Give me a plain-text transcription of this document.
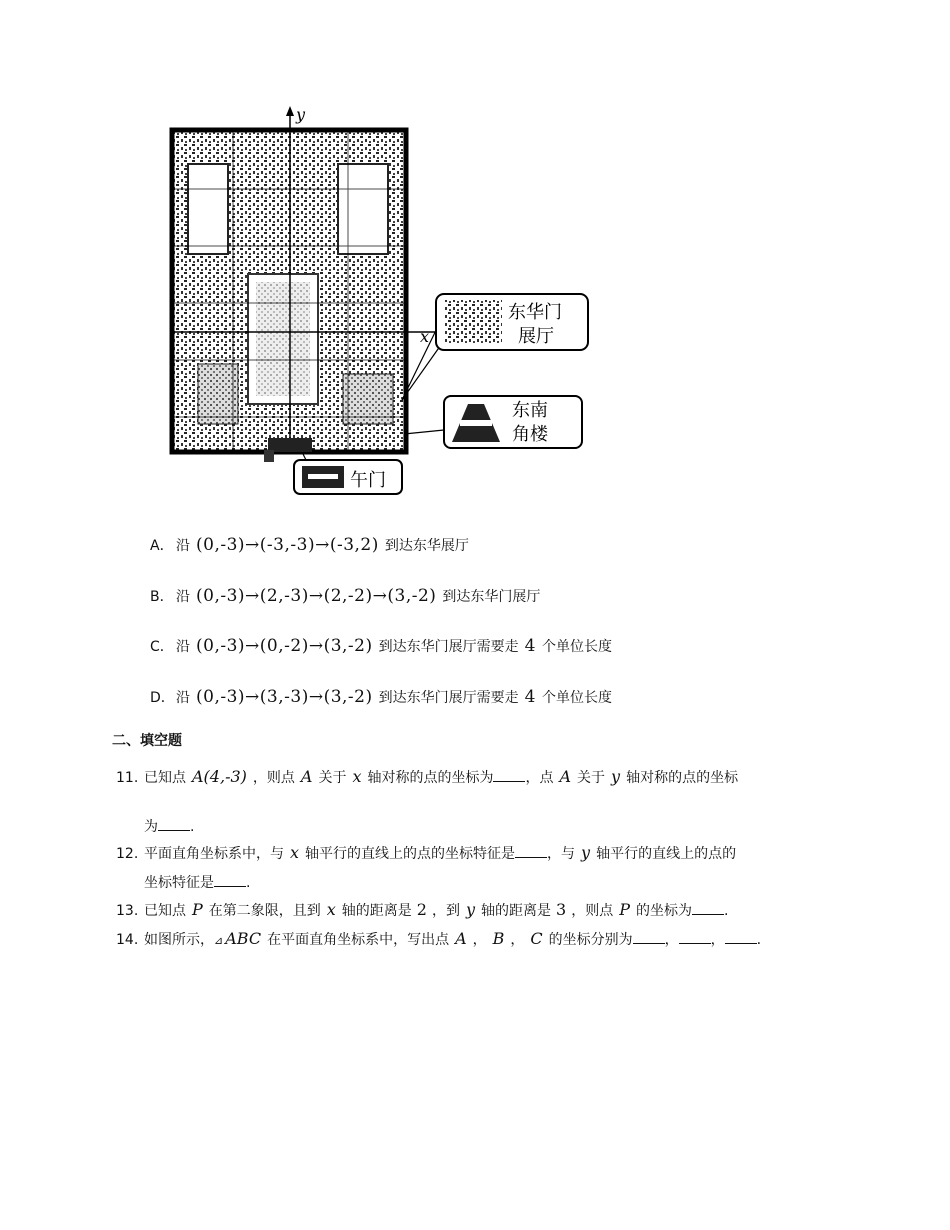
x
y
东华门
展厅
东南
角楼
午门
A． 沿 (0,-3)→(-3,-3)→(-3,2) 到达东华展厅
B． 沿 (0,-3)→(2,-3)→(2,-2)→(3,-2) 到达东华门展厅
C． 沿 (0,-3)→(0,-2)→(3,-2) 到达东华门展厅需要走 4 个单位长度
D． 沿 (0,-3)→(3,-3)→(3,-2) 到达东华门展厅需要走 4 个单位长度
二、填空题
11. 已知点 A(4,-3) ，则点 A 关于 x 轴对称的点的坐标为 ，点 A 关于 y 轴对称的点的坐标
为 .
12. 平面直角坐标系中，与 x 轴平行的直线上的点的坐标特征是 ，与 y 轴平行的直线上的点的
坐标特征是 .
13. 已知点 P 在第二象限，且到 x 轴的距离是 2 ，到 y 轴的距离是 3 ，则点 P 的坐标为 .
14. 如图所示，⊿ ABC 在平面直角坐标系中，写出点 A ， B ， C 的坐标分别为 ， ， .
